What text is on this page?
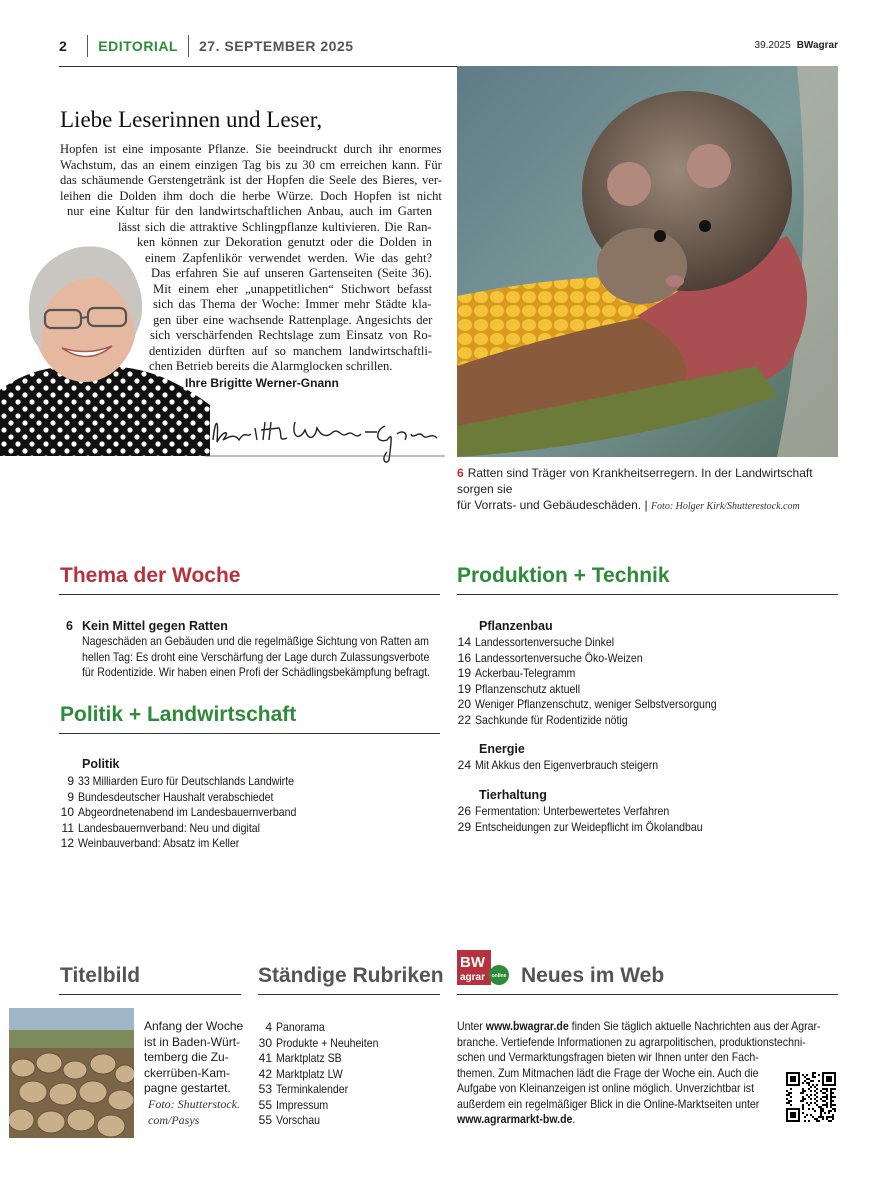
2 EDITORIAL 27. SEPTEMBER 2025	39.2025 BWagrar
Liebe Leserinnen und Leser,
Hopfen ist eine imposante Pflanze. Sie beeindruckt durch ihr enormes
Wachstum, das an einem einzigen Tag bis zu 30 cm erreichen kann. Für
das schäumende Gerstengetränk ist der Hopfen die Seele des Bieres, ver-
leihen die Dolden ihm doch die herbe Würze. Doch Hopfen ist nicht
nur eine Kultur für den landwirtschaftlichen Anbau, auch im Garten
lässt sich die attraktive Schlingpflanze kultivieren. Die Ran-
ken können zur Dekoration genutzt oder die Dolden in
einem Zapfenlikör verwendet werden. Wie das geht?
Das erfahren Sie auf unseren Gartenseiten (Seite 36).
Mit einem eher „unappetitlichen“ Stichwort befasst
sich das Thema der Woche: Immer mehr Städte kla-
gen über eine wachsende Rattenplage. Angesichts der
sich verschärfenden Rechtslage zum Einsatz von Ro-
dentiziden dürften auf so manchem landwirtschaftli-
chen Betrieb bereits die Alarmglocken schrillen.
Ihre Brigitte Werner-Gnann
6 Ratten sind Träger von Krankheitserregern. In der Landwirtschaft sorgen sie
für Vorrats- und Gebäudeschäden. | Foto: Holger Kirk/Shutterestock.com
Thema der Woche
6 Kein Mittel gegen Ratten
Nageschäden an Gebäuden und die regelmäßige Sichtung von Ratten am
hellen Tag: Es droht eine Verschärfung der Lage durch Zulassungsverbote
für Rodentizide. Wir haben einen Profi der Schädlingsbekämpfung befragt.
Politik + Landwirtschaft
Politik
9 33 Milliarden Euro für Deutschlands Landwirte
9 Bundesdeutscher Haushalt verabschiedet
10 Abgeordnetenabend im Landesbauernverband
11 Landesbauernverband: Neu und digital
12 Weinbauverband: Absatz im Keller
Produktion + Technik
Pflanzenbau
14 Landessortenversuche Dinkel
16 Landessortenversuche Öko-Weizen
19 Ackerbau-Telegramm
19 Pflanzenschutz aktuell
20 Weniger Pflanzenschutz, weniger Selbstversorgung
22 Sachkunde für Rodentizide nötig
Energie
24 Mit Akkus den Eigenverbrauch steigern
Tierhaltung
26 Fermentation: Unterbewertetes Verfahren
29 Entscheidungen zur Weidepflicht im Ökolandbau
Titelbild
Anfang der Woche
ist in Baden-Würt-
temberg die Zu-
ckerrüben-Kam-
pagne gestartet.
Foto: Shutterstock.
com/Pasys
Ständige Rubriken
4 Panorama
30 Produkte + Neuheiten
41 Marktplatz SB
42 Marktplatz LW
53 Terminkalender
55 Impressum
55 Vorschau
BW
agrar online Neues im Web
Unter www.bwagrar.de finden Sie täglich aktuelle Nachrichten aus der Agrar-
branche. Vertiefende Informationen zu agrarpolitischen, produktionstechni-
schen und Vermarktungsfragen bieten wir Ihnen unter den Fach-
themen. Zum Mitmachen lädt die Frage der Woche ein. Auch die
Aufgabe von Kleinanzeigen ist online möglich. Unverzichtbar ist
außerdem ein regelmäßiger Blick in die Online-Marktseiten unter
www.agrarmarkt-bw.de.
